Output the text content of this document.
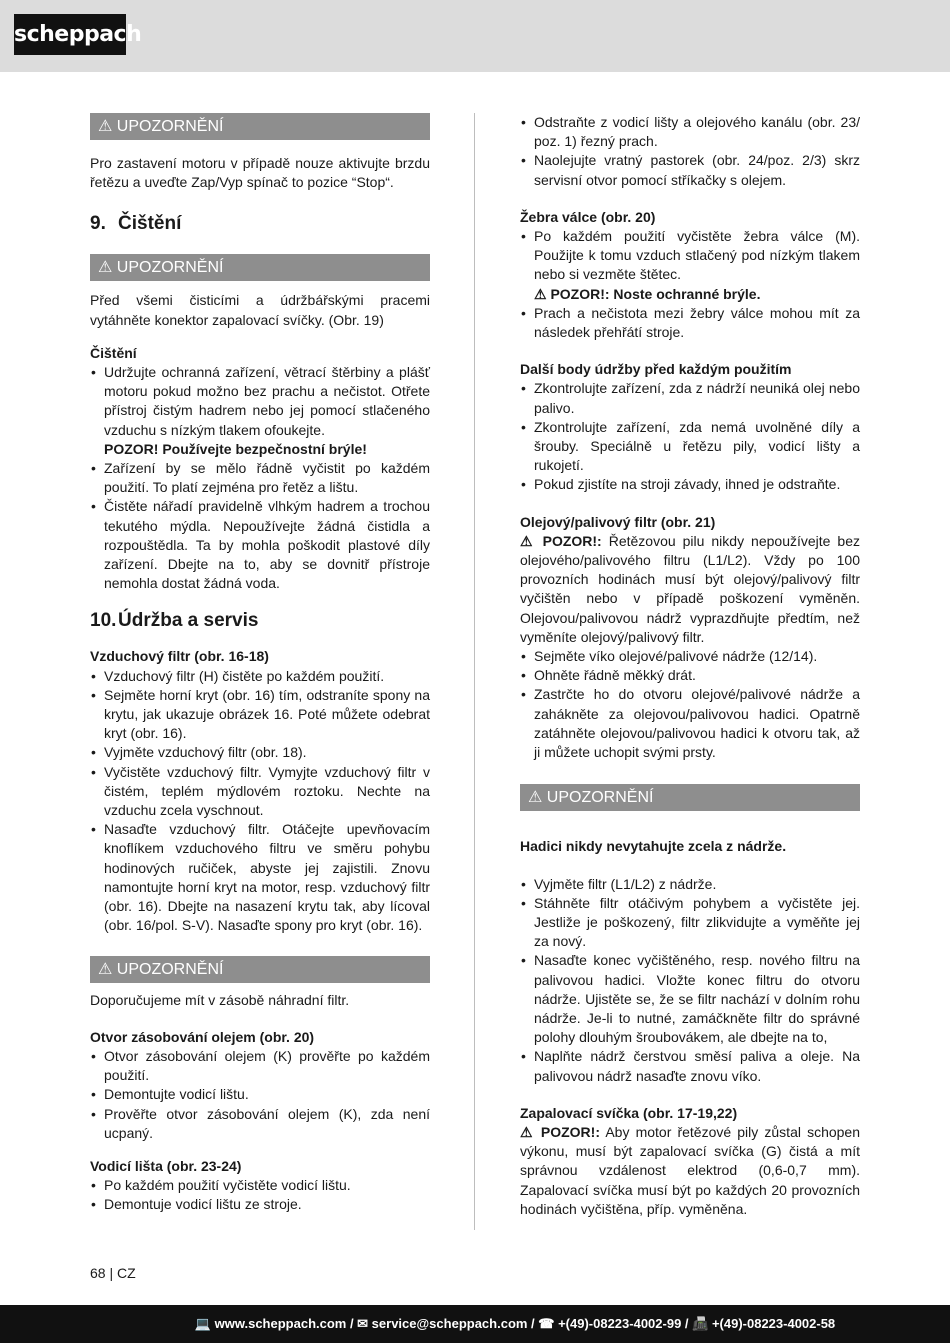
scheppach
⚠ UPOZORNĚNÍ

Pro zastavení motoru v případě nouze aktivujte brzdu řetězu a uveďte Zap/Vyp spínač to pozice “Stop“.

9. Čištění
⚠ UPOZORNĚNÍ

Před všemi čisticími a údržbářskými pracemi vytáhněte konektor zapalovací svíčky. (Obr. 19)

Čištění
• Udržujte ochranná zařízení, větrací štěrbiny a plášť motoru pokud možno bez prachu a nečistot. Otřete přístroj čistým hadrem nebo jej pomocí stlačeného vzduchu s nízkým tlakem ofoukejte.
POZOR! Používejte bezpečnostní brýle!
• Zařízení by se mělo řádně vyčistit po každém použití. To platí zejména pro řetěz a lištu.
• Čistěte nářadí pravidelně vlhkým hadrem a trochou tekutého mýdla. Nepoužívejte žádná čistidla a rozpouštědla. Ta by mohla poškodit plastové díly zařízení. Dbejte na to, aby se dovnitř přístroje nemohla dostat žádná voda.
10.Údržba a servis
Vzduchový filtr (obr. 16-18)
• Vzduchový filtr (H) čistěte po každém použití.
• Sejměte horní kryt (obr. 16) tím, odstraníte spony na krytu, jak ukazuje obrázek 16. Poté můžete odebrat kryt (obr. 16).
• Vyjměte vzduchový filtr (obr. 18).
• Vyčistěte vzduchový filtr. Vymyjte vzduchový filtr v čistém, teplém mýdlovém roztoku. Nechte na vzduchu zcela vyschnout.
• Nasaďte vzduchový filtr. Otáčejte upevňovacím knoflíkem vzduchového filtru ve směru pohybu hodinových ručiček, abyste jej zajistili. Znovu namontujte horní kryt na motor, resp. vzduchový filtr (obr. 16). Dbejte na nasazení krytu tak, aby lícoval (obr. 16/pol. S-V). Nasaďte spony pro kryt (obr. 16).
⚠ UPOZORNĚNÍ

Doporučujeme mít v zásobě náhradní filtr.

Otvor zásobování olejem (obr. 20)
• Otvor zásobování olejem (K) prověřte po každém použití.
• Demontujte vodicí lištu.
• Prověřte otvor zásobování olejem (K), zda není ucpaný.
Vodicí lišta (obr. 23-24)
• Po každém použití vyčistěte vodicí lištu.
• Demontuje vodicí lištu ze stroje.
• Odstraňte z vodicí lišty a olejového kanálu (obr. 23/ poz. 1) řezný prach.
• Naolejujte vratný pastorek (obr. 24/poz. 2/3) skrz servisní otvor pomocí stříkačky s olejem.
Žebra válce (obr. 20)
• Po každém použití vyčistěte žebra válce (M). Použijte k tomu vzduch stlačený pod nízkým tlakem nebo si vezměte štětec.
⚠ POZOR!: Noste ochranné brýle.
• Prach a nečistota mezi žebry válce mohou mít za následek přehřátí stroje.
Další body údržby před každým použitím
• Zkontrolujte zařízení, zda z nádrží neuniká olej nebo palivo.
• Zkontrolujte zařízení, zda nemá uvolněné díly a šrouby. Speciálně u řetězu pily, vodicí lišty a rukojetí.
• Pokud zjistíte na stroji závady, ihned je odstraňte.
Olejový/palivový filtr (obr. 21)

⚠ POZOR!: Řetězovou pilu nikdy nepoužívejte bez olejového/palivového filtru (L1/L2). Vždy po 100 provozních hodinách musí být olejový/palivový filtr vyčištěn nebo v případě poškození vyměněn. Olejovou/palivovou nádrž vyprazdňujte předtím, než vyměníte olejový/palivový filtr.

• Sejměte víko olejové/palivové nádrže (12/14).
• Ohněte řádně měkký drát.
• Zastrčte ho do otvoru olejové/palivové nádrže a zahákněte za olejovou/palivovou hadici. Opatrně zatáhněte olejovou/palivovou hadici k otvoru tak, až ji můžete uchopit svými prsty.
⚠ UPOZORNĚNÍ
Hadici nikdy nevytahujte zcela z nádrže.
• Vyjměte filtr (L1/L2) z nádrže.
• Stáhněte filtr otáčivým pohybem a vyčistěte jej. Jestliže je poškozený, filtr zlikvidujte a vyměňte jej za nový.
• Nasaďte konec vyčištěného, resp. nového filtru na palivovou hadici. Vložte konec filtru do otvoru nádrže. Ujistěte se, že se filtr nachází v dolním rohu nádrže. Je-li to nutné, zamáčkněte filtr do správné polohy dlouhým šroubovákem, ale dbejte na to,
• Naplňte nádrž čerstvou směsí paliva a oleje. Na palivovou nádrž nasaďte znovu víko.
Zapalovací svíčka (obr. 17-19,22)

⚠ POZOR!: Aby motor řetězové pily zůstal schopen výkonu, musí být zapalovací svíčka (G) čistá a mít správnou vzdálenost elektrod (0,6-0,7 mm). Zapalovací svíčka musí být po každých 20 provozních hodinách vyčištěna, příp. vyměněna.

68 | CZ
💻 www.scheppach.com / ✉ service@scheppach.com / ☎ +(49)-08223-4002-99 / 📠 +(49)-08223-4002-58
